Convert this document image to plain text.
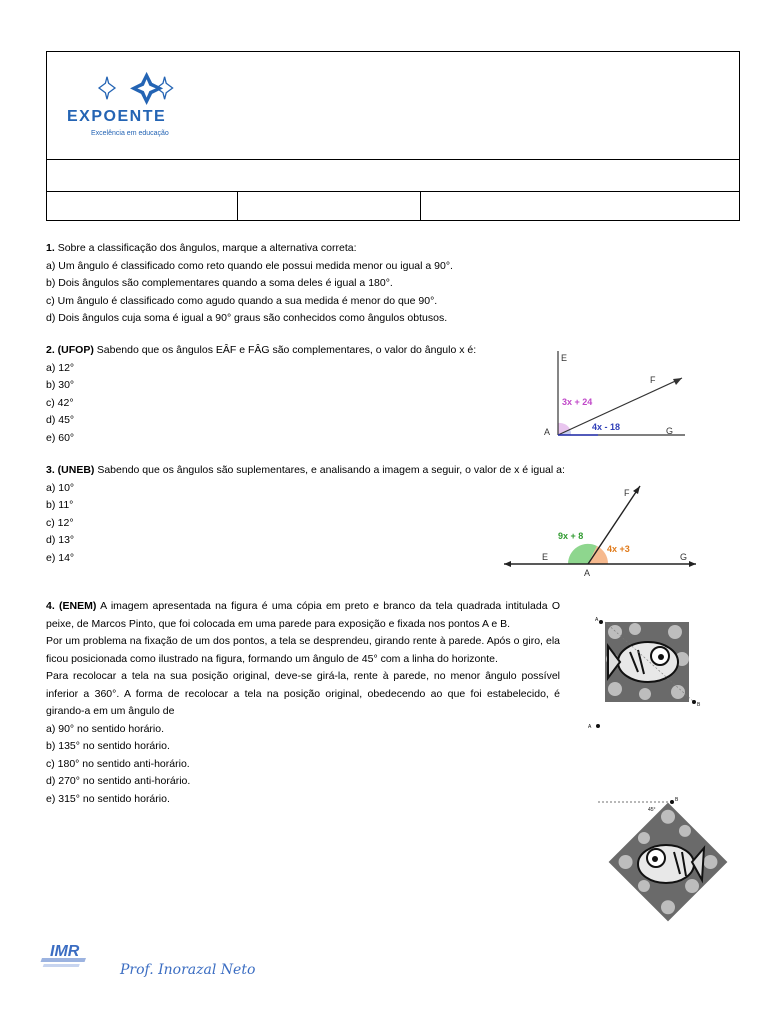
EXPOENTE
Excelência em educação

1. Sobre a classificação dos ângulos, marque a alternativa correta:

a) Um ângulo é classificado como reto quando ele possui medida menor ou igual a 90°.

b) Dois ângulos são complementares quando a soma deles é igual a 180°.

c) Um ângulo é classificado como agudo quando a sua medida é menor do que 90°.

d) Dois ângulos cuja soma é igual a 90° graus são conhecidos como ângulos obtusos.

2. (UFOP) Sabendo que os ângulos EÂF e FÂG são complementares, o valor do ângulo x é:

a) 12°

b) 30°

c) 42°

d) 45°

e) 60°

E
F
A	G
3x + 24
4x - 18

3. (UNEB) Sabendo que os ângulos são suplementares, e analisando a imagem a seguir, o valor de x é igual a:

a) 10°

b) 11°

c) 12°

d) 13°

e) 14°

F
E
A
G
9x + 8
4x +3

4. (ENEM) A imagem apresentada na figura é uma cópia em preto e branco da tela quadrada intitulada O peixe, de Marcos Pinto, que foi colocada em uma parede para exposição e fixada nos pontos A e B.

Por um problema na fixação de um dos pontos, a tela se desprendeu, girando rente à parede. Após o giro, ela ficou posicionada como ilustrado na figura, formando um ângulo de 45° com a linha do horizonte.

Para recolocar a tela na sua posição original, deve-se girá-la, rente à parede, no menor ângulo possível inferior a 360°. A forma de recolocar a tela na posição original, obedecendo ao que foi estabelecido, é girando-a em um ângulo de

a) 90° no sentido horário.

b) 135° no sentido horário.

c) 180° no sentido anti-horário.

d) 270° no sentido anti-horário.

e) 315° no sentido horário.

A
B
A
45°
B
IMR
Prof. Inorazal Neto
